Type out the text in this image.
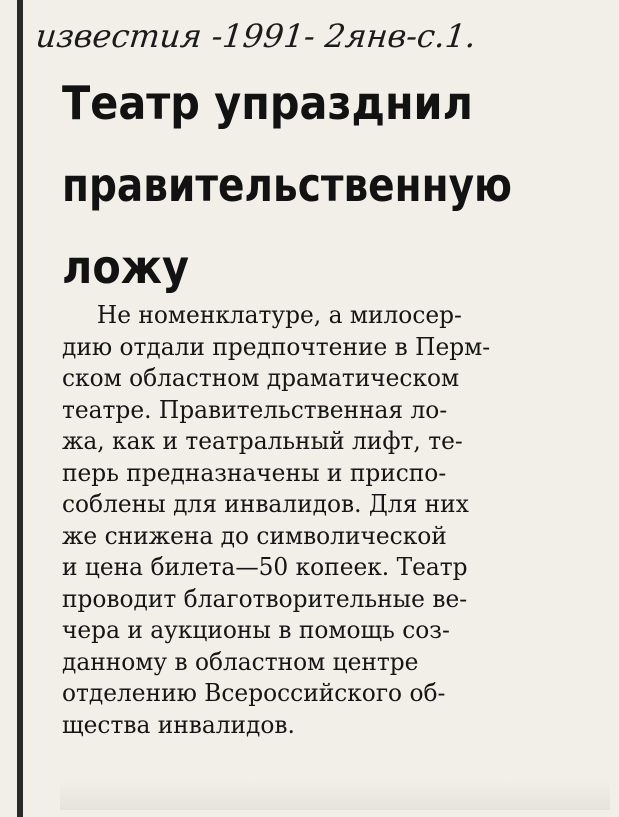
известия -1991- 2янв-с.1.
Театр упразднил
правительственную
ложу
Не номенклатуре, а милосер-
дию отдали предпочтение в Перм-
ском областном драматическом
театре. Правительственная ло-
жа, как и театральный лифт, те-
перь предназначены и приспо-
соблены для инвалидов. Для них
же снижена до символической
и цена билета—50 копеек. Театр
проводит благотворительные ве-
чера и аукционы в помощь соз-
данному в областном центре
отделению Всероссийского об-
щества инвалидов.
